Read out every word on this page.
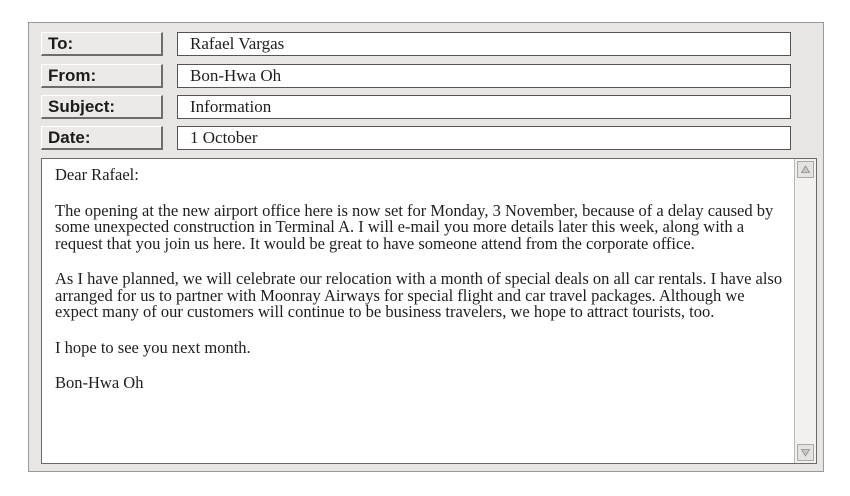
To:	Rafael Vargas
From:	Bon-Hwa Oh
Subject:	Information
Date:	1 October

Dear Rafael:

The opening at the new airport office here is now set for Monday, 3 November, because of a delay caused by some unexpected construction in Terminal A. I will e-mail you more details later this week, along with a request that you join us here. It would be great to have someone attend from the corporate office.

As I have planned, we will celebrate our relocation with a month of special deals on all car rentals. I have also arranged for us to partner with Moonray Airways for special flight and car travel packages. Although we expect many of our customers will continue to be business travelers, we hope to attract tourists, too.

I hope to see you next month.

Bon-Hwa Oh
